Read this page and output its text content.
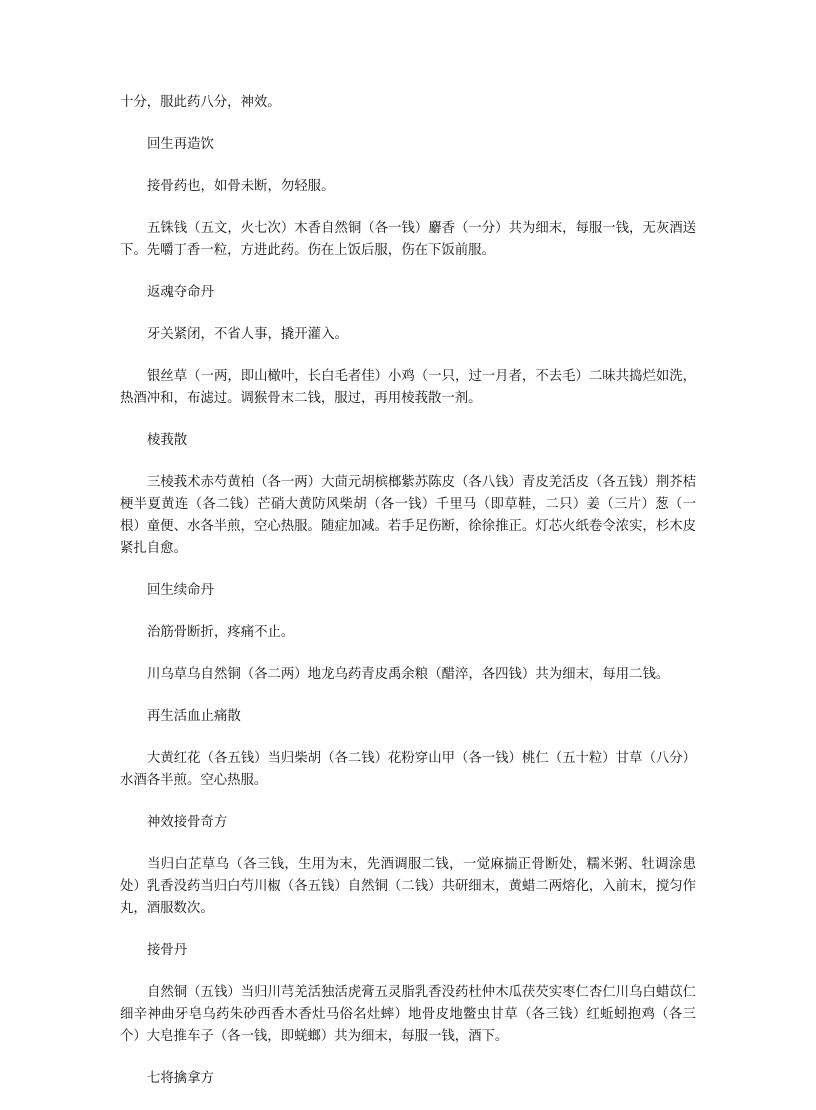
十分，服此药八分，神效。

回生再造饮

接骨药也，如骨未断，勿轻服。

五铢钱（五文，火七次）木香自然铜（各一钱）麝香（一分）共为细末，每服一钱，无灰酒送下。先嚼丁香一粒，方进此药。伤在上饭后服，伤在下饭前服。

返魂夺命丹

牙关紧闭，不省人事，撬开灌入。

银丝草（一两，即山橄叶，长白毛者佳）小鸡（一只，过一月者，不去毛）二味共捣烂如洗，热酒冲和，布滤过。调猴骨末二钱，服过，再用棱莪散一剂。

棱莪散

三棱莪术赤芍黄柏（各一两）大茴元胡槟榔紫苏陈皮（各八钱）青皮羌活皮（各五钱）荆芥桔梗半夏黄连（各二钱）芒硝大黄防风柴胡（各一钱）千里马（即草鞋，二只）姜（三片）葱（一根）童便、水各半煎，空心热服。随症加减。若手足伤断，徐徐推正。灯芯火纸卷令浓实，杉木皮紧扎自愈。

回生续命丹

治筋骨断折，疼痛不止。

川乌草乌自然铜（各二两）地龙乌药青皮禹余粮（醋淬，各四钱）共为细末，每用二钱。

再生活血止痛散

大黄红花（各五钱）当归柴胡（各二钱）花粉穿山甲（各一钱）桃仁（五十粒）甘草（八分）水酒各半煎。空心热服。

神效接骨奇方

当归白芷草乌（各三钱，生用为末，先酒调服二钱，一觉麻揣正骨断处，糯米粥、牡调涂患处）乳香没药当归白芍川椒（各五钱）自然铜（二钱）共研细末，黄蜡二两熔化，入前末，搅匀作丸，酒服数次。

接骨丹

自然铜（五钱）当归川芎羌活独活虎膏五灵脂乳香没药杜仲木瓜茯芡实枣仁杏仁川乌白蜡苡仁细辛神曲牙皂乌药朱砂西香木香灶马俗名灶蟀）地骨皮地鳖虫甘草（各三钱）红蚯蚓抱鸡（各三个）大皂推车子（各一钱，即蜣螂）共为细末，每服一钱，酒下。

七将擒拿方
